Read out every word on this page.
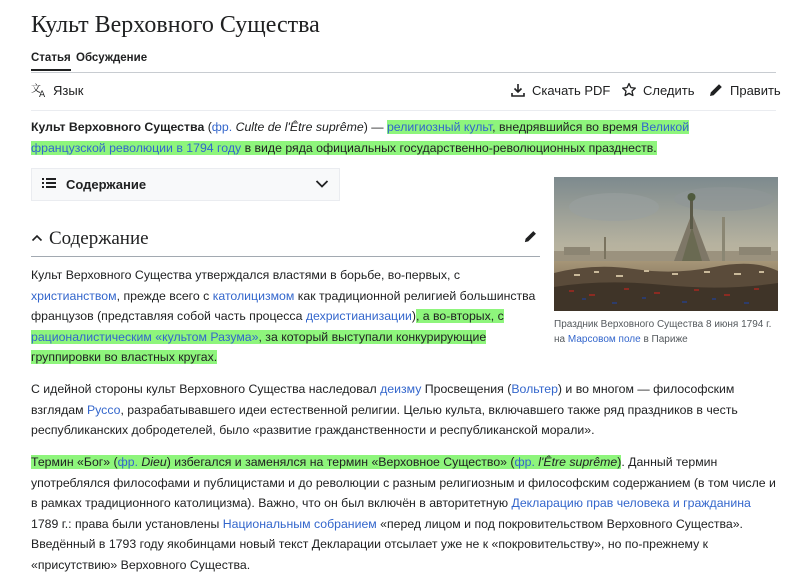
Культ Верховного Существа
Статья Обсуждение
文
A Язык	Скачать PDF	Следить	Править

Культ Верховного Существа (фр. Culte de l'Être suprême) — религиозный культ, внедрявшийся во время Великой французской революции в 1794 году в виде ряда официальных государственно-революционных празднеств.

Содержание
Содержание

Культ Верховного Существа утверждался властями в борьбе, во-первых, с христианством, прежде всего с католицизмом как традиционной религией большинства французов (представляя собой часть процесса дехристианизации), а во-вторых, с рационалистическим «культом Разума», за который выступали конкурирующие группировки во властных кругах.

С идейной стороны культ Верховного Существа наследовал деизму Просвещения (Вольтер) и во многом — философским взглядам Руссо, разрабатывавшего идеи естественной религии. Целью культа, включавшего также ряд праздников в честь республиканских добродетелей, было «развитие гражданственности и республиканской морали».

Термин «Бог» (фр. Dieu) избегался и заменялся на термин «Верховное Существо» (фр. l'Être suprême). Данный термин употреблялся философами и публицистами и до революции с разным религиозным и философским содержанием (в том числе и в рамках традиционного католицизма). Важно, что он был включён в авторитетную Декларацию прав человека и гражданина 1789 г.: права были установлены Национальным собранием «перед лицом и под покровительством Верховного Существа». Введённый в 1793 году якобинцами новый текст Декларации отсылает уже не к «покровительству», но по-прежнему к «присутствию» Верховного Существа.

Праздник Верховного Существа 8 июня 1794 г. на Марсовом поле в Париже
